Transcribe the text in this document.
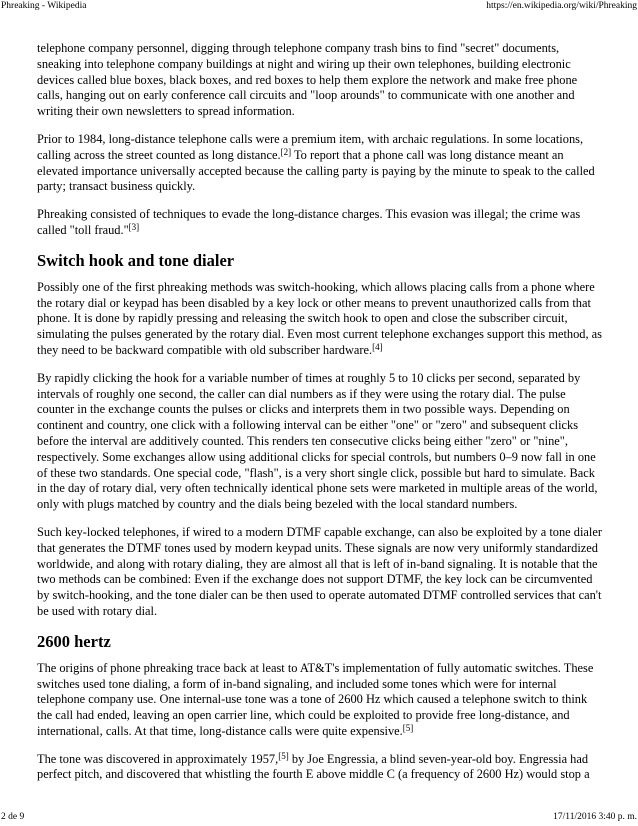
Phreaking - Wikipedia	https://en.wikipedia.org/wiki/Phreaking

telephone company personnel, digging through telephone company trash bins to find "secret" documents, sneaking into telephone company buildings at night and wiring up their own telephones, building electronic devices called blue boxes, black boxes, and red boxes to help them explore the network and make free phone calls, hanging out on early conference call circuits and "loop arounds" to communicate with one another and writing their own newsletters to spread information.

Prior to 1984, long-distance telephone calls were a premium item, with archaic regulations. In some locations, calling across the street counted as long distance.[2] To report that a phone call was long distance meant an elevated importance universally accepted because the calling party is paying by the minute to speak to the called party; transact business quickly.

Phreaking consisted of techniques to evade the long-distance charges. This evasion was illegal; the crime was called "toll fraud."[3]

Switch hook and tone dialer

Possibly one of the first phreaking methods was switch-hooking, which allows placing calls from a phone where the rotary dial or keypad has been disabled by a key lock or other means to prevent unauthorized calls from that phone. It is done by rapidly pressing and releasing the switch hook to open and close the subscriber circuit, simulating the pulses generated by the rotary dial. Even most current telephone exchanges support this method, as they need to be backward compatible with old subscriber hardware.[4]

By rapidly clicking the hook for a variable number of times at roughly 5 to 10 clicks per second, separated by intervals of roughly one second, the caller can dial numbers as if they were using the rotary dial. The pulse counter in the exchange counts the pulses or clicks and interprets them in two possible ways. Depending on continent and country, one click with a following interval can be either "one" or "zero" and subsequent clicks before the interval are additively counted. This renders ten consecutive clicks being either "zero" or "nine", respectively. Some exchanges allow using additional clicks for special controls, but numbers 0–9 now fall in one of these two standards. One special code, "flash", is a very short single click, possible but hard to simulate. Back in the day of rotary dial, very often technically identical phone sets were marketed in multiple areas of the world, only with plugs matched by country and the dials being bezeled with the local standard numbers.

Such key-locked telephones, if wired to a modern DTMF capable exchange, can also be exploited by a tone dialer that generates the DTMF tones used by modern keypad units. These signals are now very uniformly standardized worldwide, and along with rotary dialing, they are almost all that is left of in-band signaling. It is notable that the two methods can be combined: Even if the exchange does not support DTMF, the key lock can be circumvented by switch-hooking, and the tone dialer can be then used to operate automated DTMF controlled services that can't be used with rotary dial.

2600 hertz

The origins of phone phreaking trace back at least to AT&T's implementation of fully automatic switches. These switches used tone dialing, a form of in-band signaling, and included some tones which were for internal telephone company use. One internal-use tone was a tone of 2600 Hz which caused a telephone switch to think the call had ended, leaving an open carrier line, which could be exploited to provide free long-distance, and international, calls. At that time, long-distance calls were quite expensive.[5]

The tone was discovered in approximately 1957,[5] by Joe Engressia, a blind seven-year-old boy. Engressia had perfect pitch, and discovered that whistling the fourth E above middle C (a frequency of 2600 Hz) would stop a

2 de 9	17/11/2016 3:40 p. m.
